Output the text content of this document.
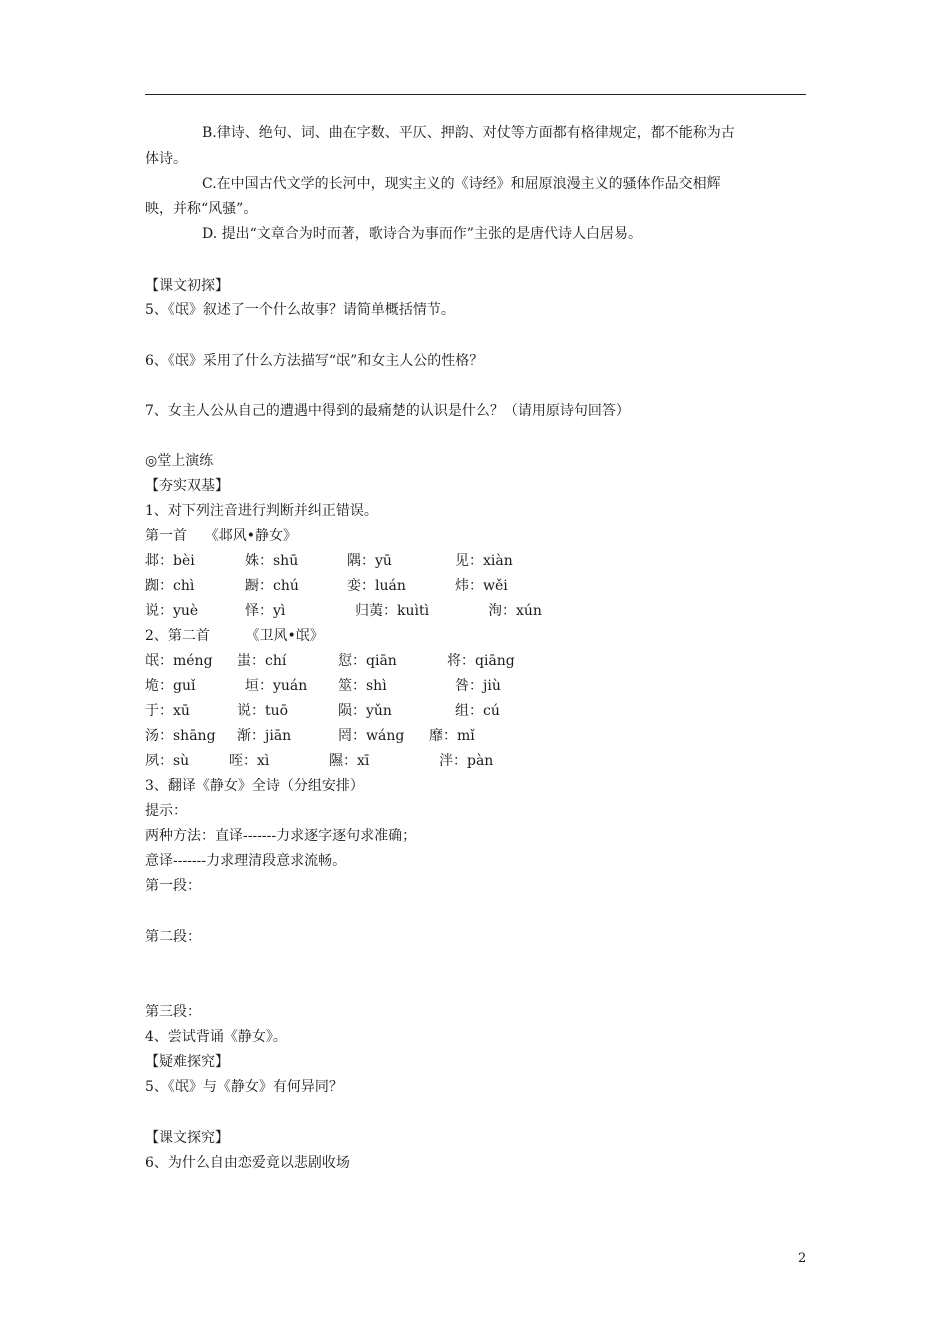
B.律诗、绝句、词、曲在字数、平仄、押韵、对仗等方面都有格律规定，都不能称为古
体诗。
C.在中国古代文学的长河中，现实主义的《诗经》和屈原浪漫主义的骚体作品交相辉
映，并称“风骚”。
D. 提出“文章合为时而著，歌诗合为事而作”主张的是唐代诗人白居易。
【课文初探】
5、《氓》叙述了一个什么故事？请简单概括情节。
6、《氓》采用了什么方法描写“氓”和女主人公的性格？
7、女主人公从自己的遭遇中得到的最痛楚的认识是什么？（请用原诗句回答）
◎堂上演练
【夯实双基】
1、对下列注音进行判断并纠正错误。
第一首    《邶风•静女》
邶：bèi	姝：shū	隅：yū	见：xiàn
踟：chì	蹰：chú	娈：luán	炜：wěi
说：yuè	怿：yì	归荑：kuìtì	洵：xún
2、第二首        《卫风•氓》
氓：méng 蚩：chí	愆：qiān	将：qiāng
垝：guǐ	垣：yuán 筮：shì	咎：jiù
于：xū	说：tuō	陨：yǔn	组：cú
汤：shāng 渐：jiān	罔：wáng 靡：mǐ
夙：sù	咥：xì	隰：xī	泮：pàn
3、翻译《静女》全诗（分组安排）
提示：
两种方法：直译-------力求逐字逐句求准确；
意译-------力求理清段意求流畅。
第一段：
第二段：
第三段：
4、尝试背诵《静女》。
【疑难探究】
5、《氓》与《静女》有何异同？
【课文探究】
6、为什么自由恋爱竟以悲剧收场
2
